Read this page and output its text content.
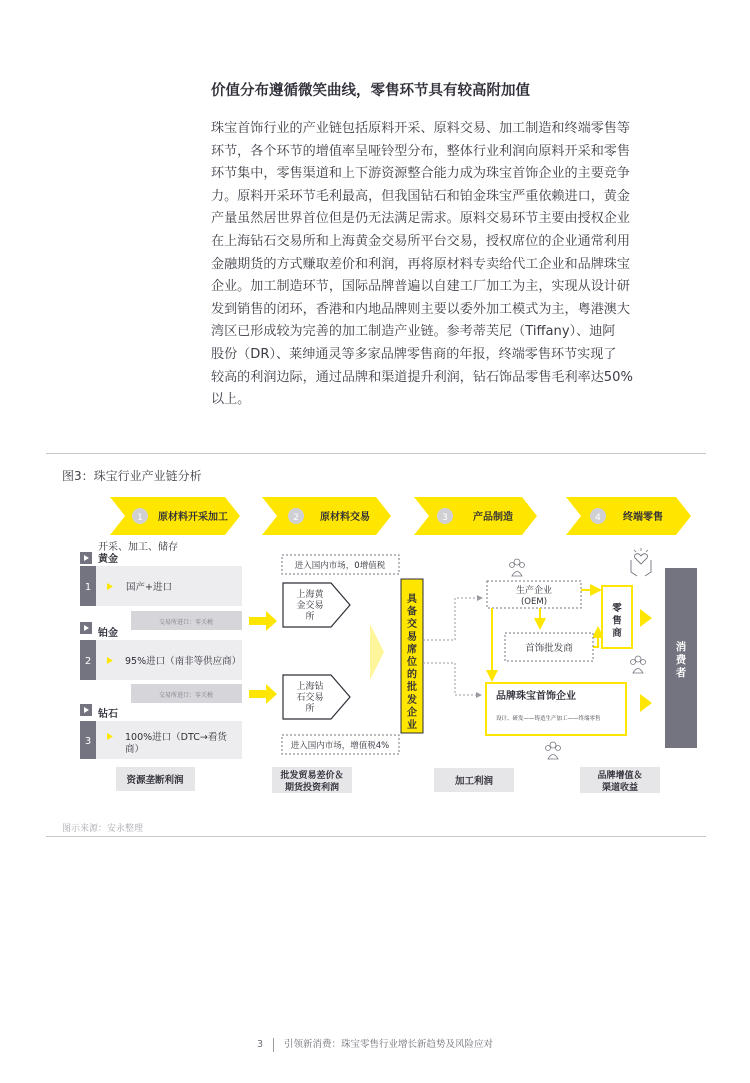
价值分布遵循微笑曲线，零售环节具有较高附加值
珠宝首饰行业的产业链包括原料开采、原料交易、加工制造和终端零售等
环节，各个环节的增值率呈哑铃型分布，整体行业利润向原料开采和零售
环节集中，零售渠道和上下游资源整合能力成为珠宝首饰企业的主要竞争
力。原料开采环节毛利最高，但我国钻石和铂金珠宝严重依赖进口，黄金
产量虽然居世界首位但是仍无法满足需求。原料交易环节主要由授权企业
在上海钻石交易所和上海黄金交易所平台交易，授权席位的企业通常利用
金融期货的方式赚取差价和利润，再将原材料专卖给代工企业和品牌珠宝
企业。加工制造环节，国际品牌普遍以自建工厂加工为主，实现从设计研
发到销售的闭环，香港和内地品牌则主要以委外加工模式为主，粤港澳大
湾区已形成较为完善的加工制造产业链。参考蒂芙尼（Tiffany）、迪阿
股份（DR）、莱绅通灵等多家品牌零售商的年报，终端零售环节实现了
较高的利润边际，通过品牌和渠道提升利润，钻石饰品零售毛利率达50%
以上。
图3：珠宝行业产业链分析
1 原材料开采加工	2 原材料交易	3	产品制造	4 终端零售
开采、加工、储存
黄金
1	国产+进口
交易所进口：零关税
铂金
2	95%进口（南非等供应商）
交易所进口：零关税
钻石
3	100%进口（DTC→看货
商）
进入国内市场，0增值税
上海黄
金交易
所
上海钻
石交易
所
进入国内市场，增值税4%
具备交易席位的批发企业
生产企业
(OEM)
首饰批发商
零售商
品牌珠宝首饰企业
设计、研发——铸造生产加工——终端零售
消费者
资源垄断利润	批发贸易差价＆
期货投资利润
加工利润	品牌增值＆
渠道收益
图示来源：安永整理
3 引领新消费：珠宝零售行业增长新趋势及风险应对
